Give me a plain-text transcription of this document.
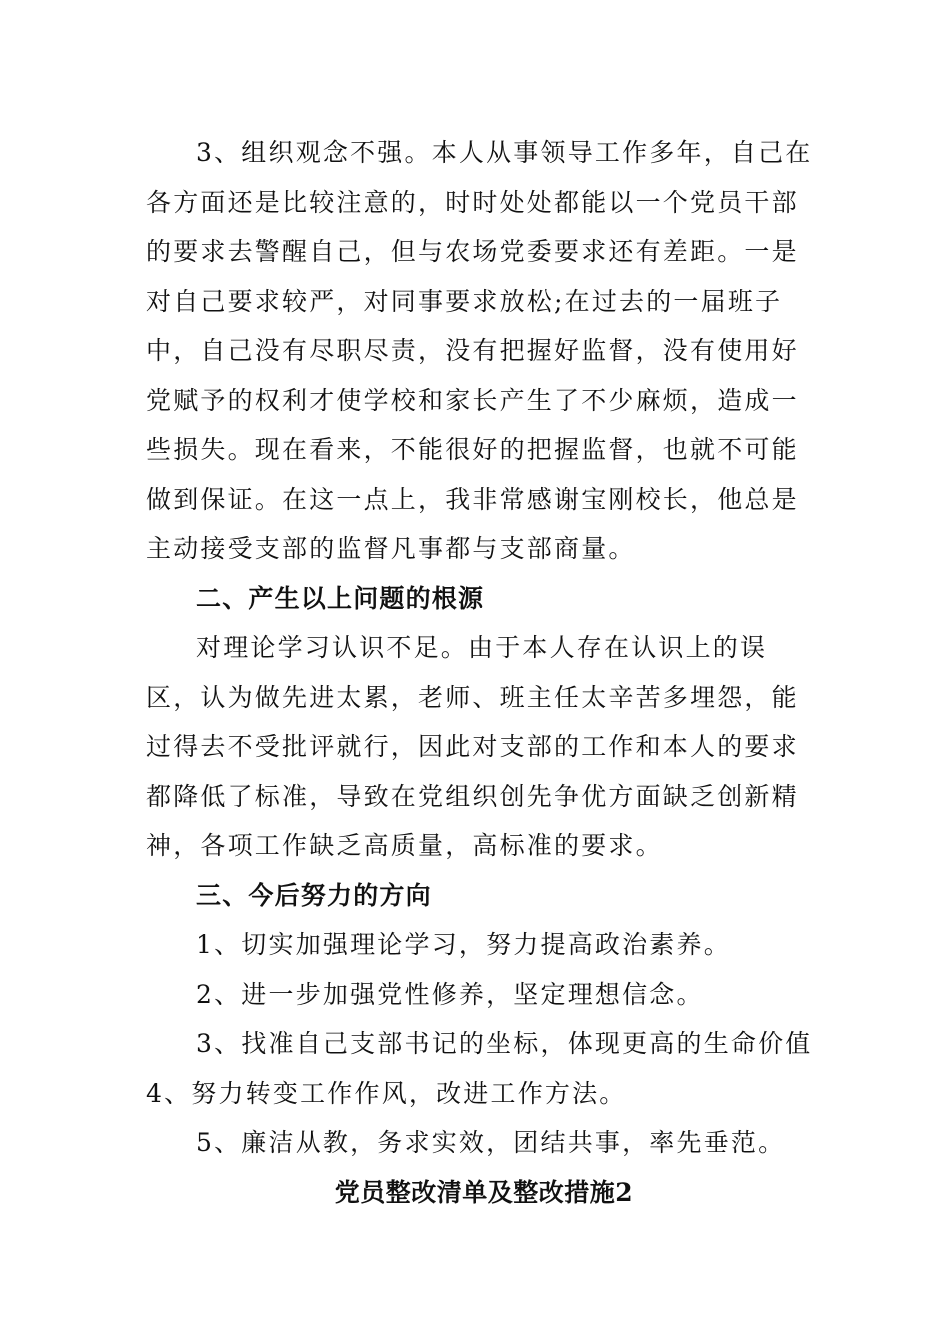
3、组织观念不强。本人从事领导工作多年，自己在各方面还是比较注意的，时时处处都能以一个党员干部的要求去警醒自己，但与农场党委要求还有差距。一是对自己要求较严，对同事要求放松;在过去的一届班子中，自己没有尽职尽责，没有把握好监督，没有使用好党赋予的权利才使学校和家长产生了不少麻烦，造成一些损失。现在看来，不能很好的把握监督，也就不可能做到保证。在这一点上，我非常感谢宝刚校长，他总是主动接受支部的监督凡事都与支部商量。

二、产生以上问题的根源

对理论学习认识不足。由于本人存在认识上的误区，认为做先进太累，老师、班主任太辛苦多埋怨，能过得去不受批评就行，因此对支部的工作和本人的要求都降低了标准，导致在党组织创先争优方面缺乏创新精神，各项工作缺乏高质量，高标准的要求。

三、今后努力的方向

1、切实加强理论学习，努力提高政治素养。

2、进一步加强党性修养，坚定理想信念。

3、找准自己支部书记的坐标，体现更高的生命价值

4、努力转变工作作风，改进工作方法。

5、廉洁从教，务求实效，团结共事，率先垂范。

党员整改清单及整改措施2
